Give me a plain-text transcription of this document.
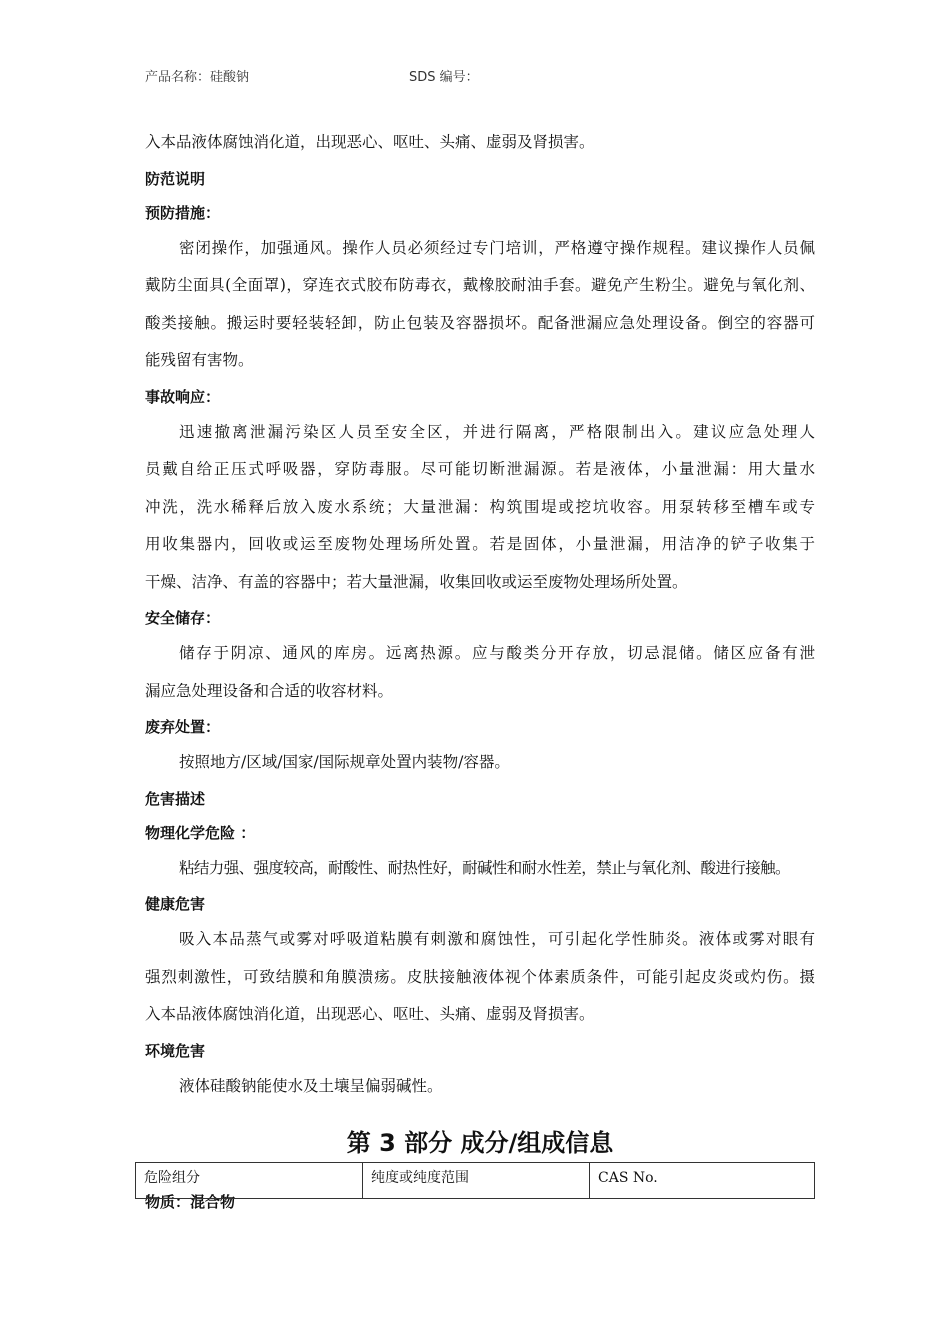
产品名称：硅酸钠	SDS 编号：
入本品液体腐蚀消化道，出现恶心、呕吐、头痛、虚弱及肾损害。
防范说明
预防措施：
密闭操作，加强通风。操作人员必须经过专门培训，严格遵守操作规程。建议操作人员佩
戴防尘面具(全面罩)，穿连衣式胶布防毒衣，戴橡胶耐油手套。避免产生粉尘。避免与氧化剂、
酸类接触。搬运时要轻装轻卸，防止包装及容器损坏。配备泄漏应急处理设备。倒空的容器可
能残留有害物。
事故响应：
迅速撤离泄漏污染区人员至安全区，并进行隔离，严格限制出入。建议应急处理人
员戴自给正压式呼吸器，穿防毒服。尽可能切断泄漏源。若是液体，小量泄漏：用大量水
冲洗，洗水稀释后放入废水系统；大量泄漏：构筑围堤或挖坑收容。用泵转移至槽车或专
用收集器内，回收或运至废物处理场所处置。若是固体，小量泄漏，用洁净的铲子收集于
干燥、洁净、有盖的容器中；若大量泄漏，收集回收或运至废物处理场所处置。
安全储存：
储存于阴凉、通风的库房。远离热源。应与酸类分开存放，切忌混储。储区应备有泄
漏应急处理设备和合适的收容材料。
废弃处置：
按照地方/区域/国家/国际规章处置内装物/容器。
危害描述
物理化学危险 ：
粘结力强、强度较高，耐酸性、耐热性好，耐碱性和耐水性差，禁止与氧化剂、酸进行接触。
健康危害
吸入本品蒸气或雾对呼吸道粘膜有刺激和腐蚀性，可引起化学性肺炎。液体或雾对眼有
强烈刺激性，可致结膜和角膜溃疡。皮肤接触液体视个体素质条件，可能引起皮炎或灼伤。摄
入本品液体腐蚀消化道，出现恶心、呕吐、头痛、虚弱及肾损害。
环境危害
液体硅酸钠能使水及土壤呈偏弱碱性。
第 3 部分 成分/组成信息
物质：混合物
危险组分	纯度或纯度范围	CAS No.
